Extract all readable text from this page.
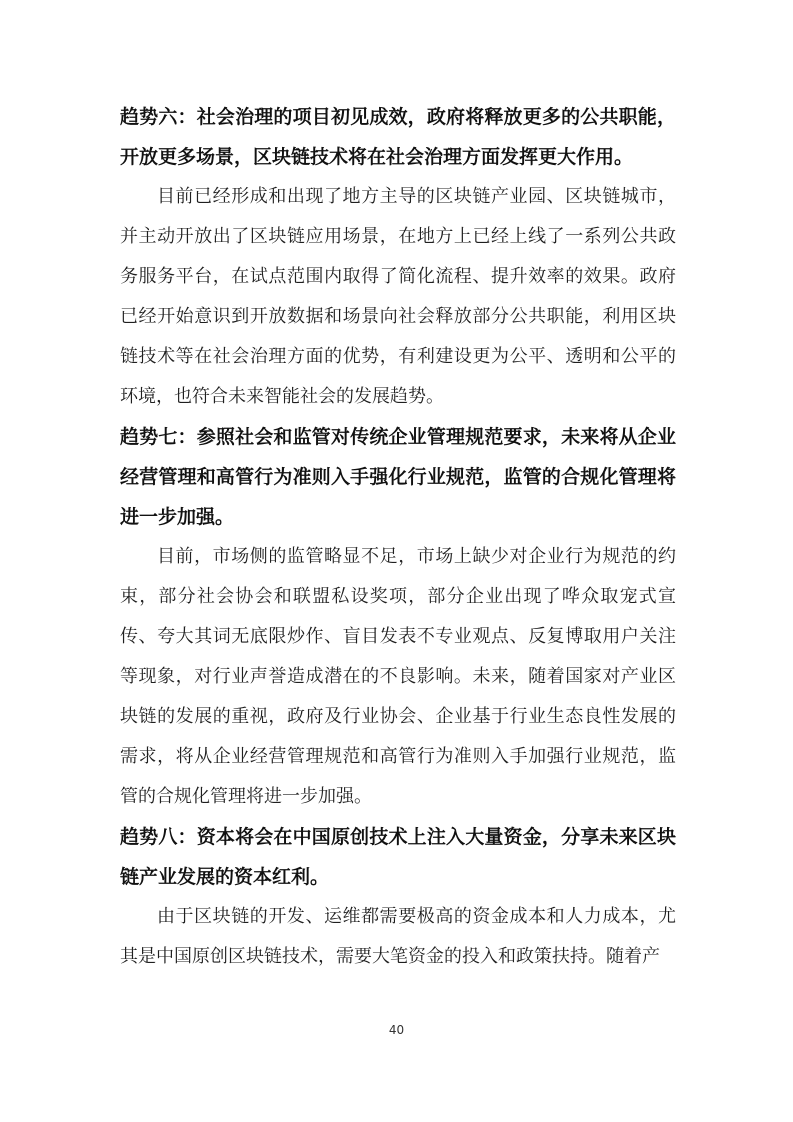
趋势六：社会治理的项目初见成效，政府将释放更多的公共职能，开放更多场景，区块链技术将在社会治理方面发挥更大作用。

目前已经形成和出现了地方主导的区块链产业园、区块链城市，并主动开放出了区块链应用场景，在地方上已经上线了一系列公共政务服务平台，在试点范围内取得了简化流程、提升效率的效果。政府已经开始意识到开放数据和场景向社会释放部分公共职能，利用区块链技术等在社会治理方面的优势，有利建设更为公平、透明和公平的环境，也符合未来智能社会的发展趋势。

趋势七：参照社会和监管对传统企业管理规范要求，未来将从企业经营管理和高管行为准则入手强化行业规范，监管的合规化管理将进一步加强。

目前，市场侧的监管略显不足，市场上缺少对企业行为规范的约束，部分社会协会和联盟私设奖项，部分企业出现了哗众取宠式宣传、夸大其词无底限炒作、盲目发表不专业观点、反复博取用户关注等现象，对行业声誉造成潜在的不良影响。未来，随着国家对产业区块链的发展的重视，政府及行业协会、企业基于行业生态良性发展的需求，将从企业经营管理规范和高管行为准则入手加强行业规范，监管的合规化管理将进一步加强。

趋势八：资本将会在中国原创技术上注入大量资金，分享未来区块链产业发展的资本红利。

由于区块链的开发、运维都需要极高的资金成本和人力成本，尤其是中国原创区块链技术，需要大笔资金的投入和政策扶持。随着产

40
